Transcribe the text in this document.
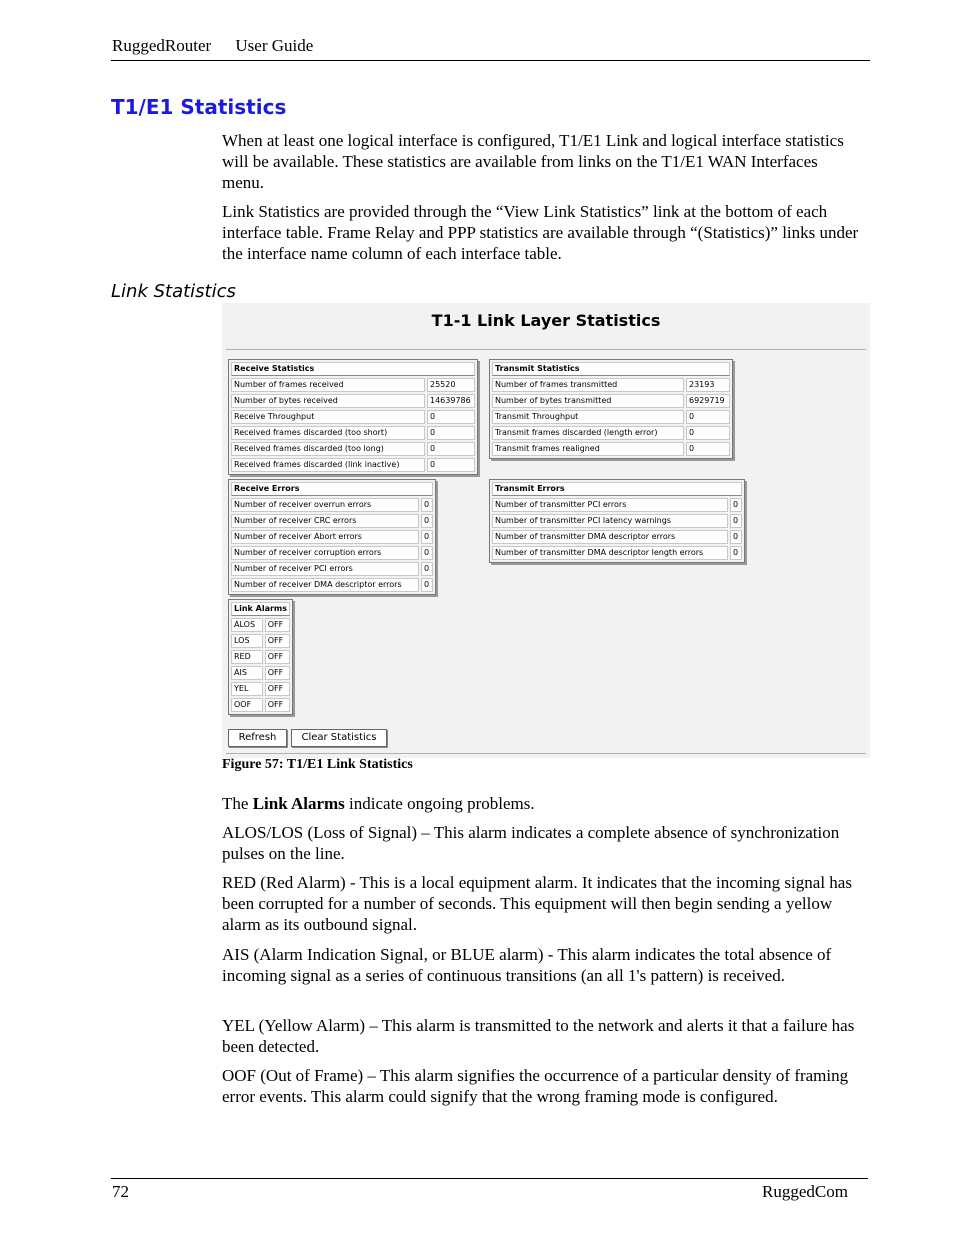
RuggedRouter User Guide
T1/E1 Statistics

When at least one logical interface is configured, T1/E1 Link and logical interface statistics will be available. These statistics are available from links on the T1/E1 WAN Interfaces menu.

Link Statistics are provided through the “View Link Statistics” link at the bottom of each interface table. Frame Relay and PPP statistics are available through “(Statistics)” links under the interface name column of each interface table.

Link Statistics
T1-1 Link Layer Statistics
Receive Statistics	
Number of frames received	25520
Number of bytes received	14639786
Receive Throughput	0
Received frames discarded (too short)	0
Received frames discarded (too long)	0
Received frames discarded (link inactive)	0
Transmit Statistics	
Number of frames transmitted	23193
Number of bytes transmitted	6929719
Transmit Throughput	0
Transmit frames discarded (length error)	0
Transmit frames realigned	0
Receive Errors	
Number of receiver overrun errors	0
Number of receiver CRC errors	0
Number of receiver Abort errors	0
Number of receiver corruption errors	0
Number of receiver PCI errors	0
Number of receiver DMA descriptor errors	0
Transmit Errors	
Number of transmitter PCI errors	0
Number of transmitter PCI latency warnings	0
Number of transmitter DMA descriptor errors	0
Number of transmitter DMA descriptor length errors	0
Link Alarms	
ALOS	OFF
LOS	OFF
RED	OFF
AIS	OFF
YEL	OFF
OOF	OFF
Refresh	Clear Statistics
Figure 57: T1/E1 Link Statistics

The Link Alarms indicate ongoing problems.

ALOS/LOS (Loss of Signal) – This alarm indicates a complete absence of synchronization pulses on the line.

RED (Red Alarm) - This is a local equipment alarm. It indicates that the incoming signal has been corrupted for a number of seconds. This equipment will then begin sending a yellow alarm as its outbound signal.

AIS (Alarm Indication Signal, or BLUE alarm) - This alarm indicates the total absence of incoming signal as a series of continuous transitions (an all 1's pattern) is received.

YEL (Yellow Alarm) – This alarm is transmitted to the network and alerts it that a failure has been detected.

OOF (Out of Frame) – This alarm signifies the occurrence of a particular density of framing error events. This alarm could signify that the wrong framing mode is configured.

72	RuggedCom
